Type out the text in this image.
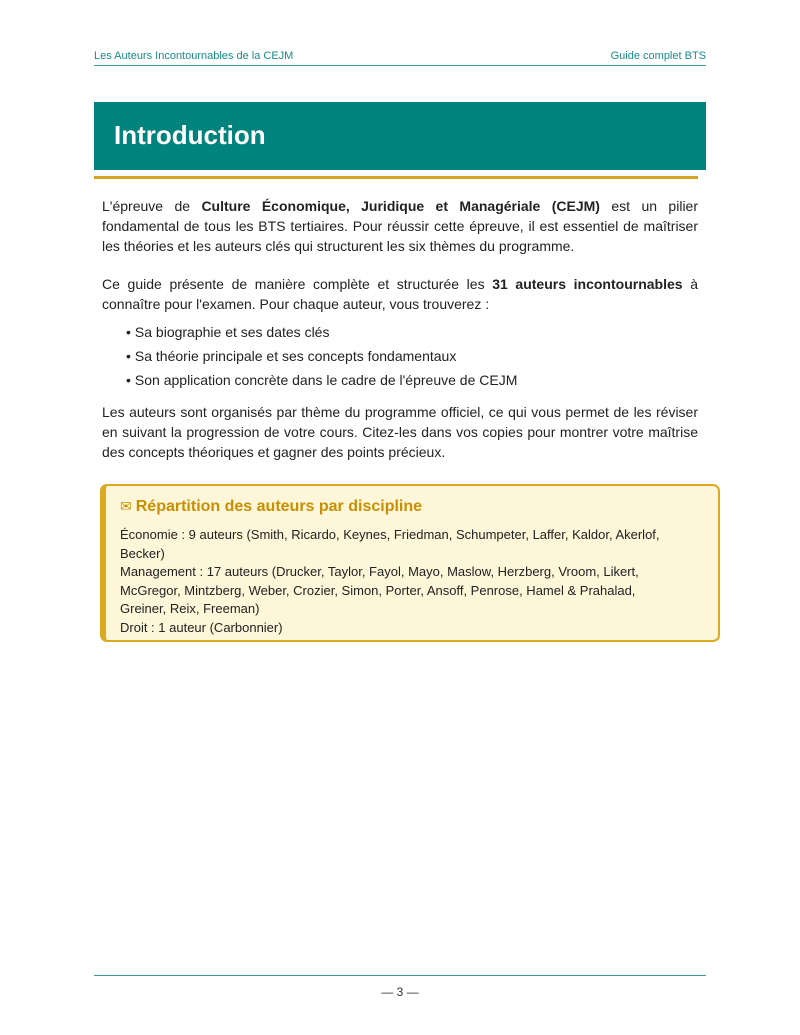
Les Auteurs Incontournables de la CEJM	Guide complet BTS
Introduction

L'épreuve de Culture Économique, Juridique et Managériale (CEJM) est un pilier fondamental de tous les BTS tertiaires. Pour réussir cette épreuve, il est essentiel de maîtriser les théories et les auteurs clés qui structurent les six thèmes du programme.

Ce guide présente de manière complète et structurée les 31 auteurs incontournables à connaître pour l'examen. Pour chaque auteur, vous trouverez :

• Sa biographie et ses dates clés
• Sa théorie principale et ses concepts fondamentaux
• Son application concrète dans le cadre de l'épreuve de CEJM

Les auteurs sont organisés par thème du programme officiel, ce qui vous permet de les réviser en suivant la progression de votre cours. Citez-les dans vos copies pour montrer votre maîtrise des concepts théoriques et gagner des points précieux.

✉ Répartition des auteurs par discipline
Économie : 9 auteurs (Smith, Ricardo, Keynes, Friedman, Schumpeter, Laffer, Kaldor, Akerlof, Becker)
Management : 17 auteurs (Drucker, Taylor, Fayol, Mayo, Maslow, Herzberg, Vroom, Likert, McGregor, Mintzberg, Weber, Crozier, Simon, Porter, Ansoff, Penrose, Hamel & Prahalad, Greiner, Reix, Freeman)
Droit : 1 auteur (Carbonnier)
— 3 —
